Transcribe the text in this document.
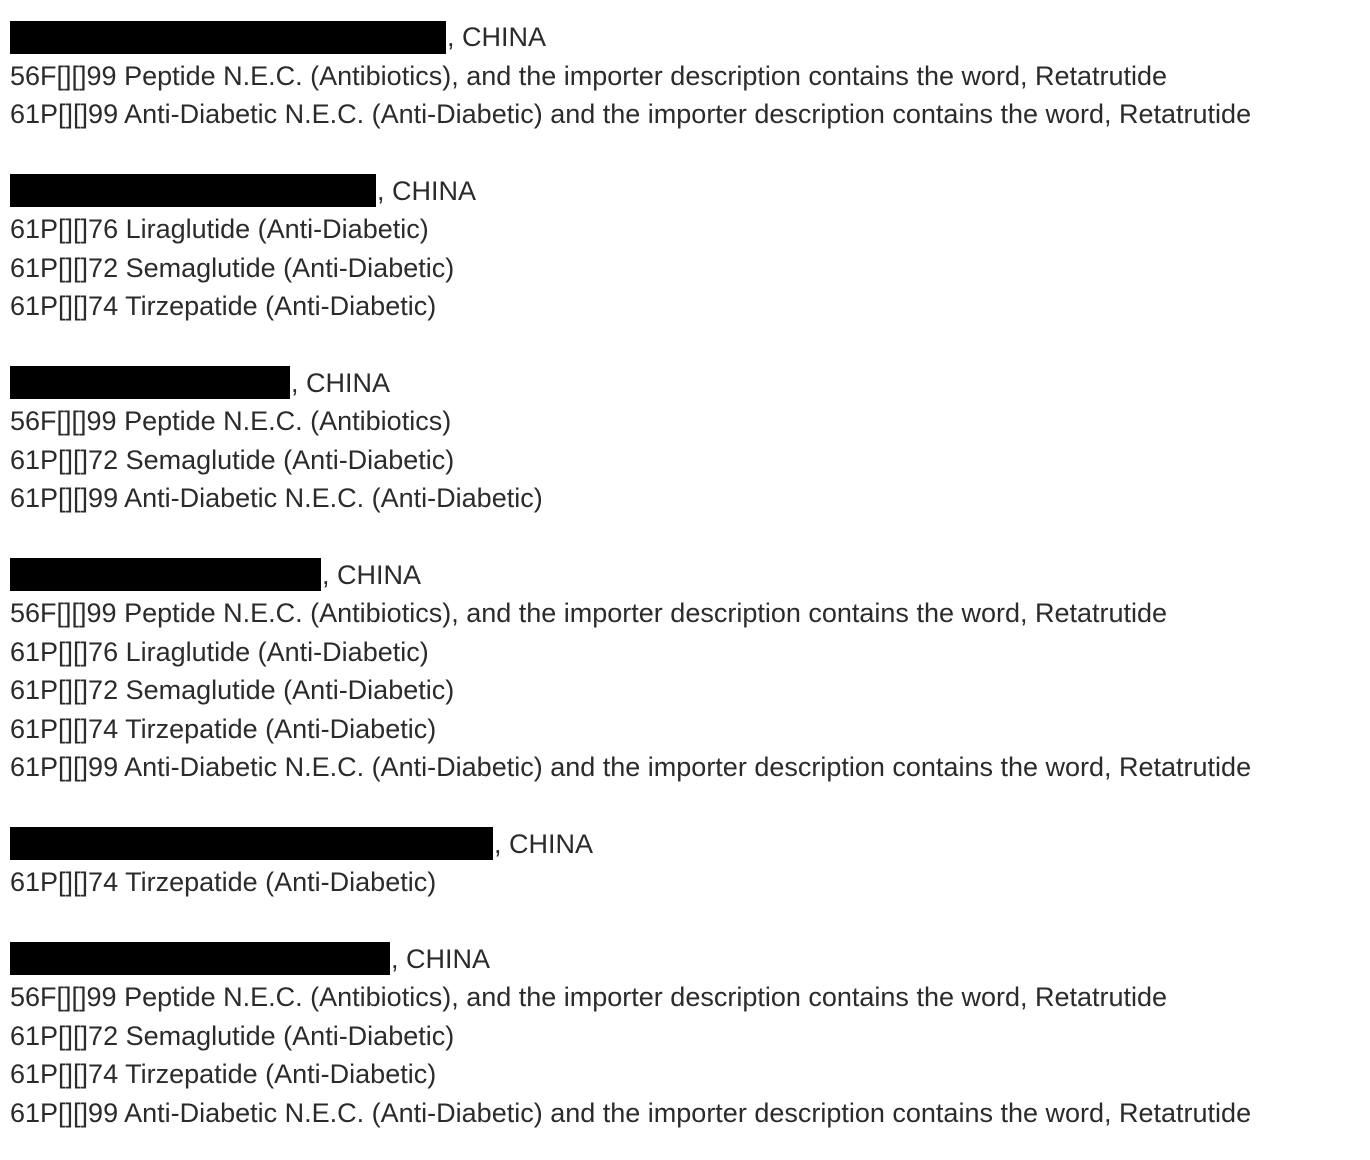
, CHINA
56F[][]99 Peptide N.E.C. (Antibiotics), and the importer description contains the word, Retatrutide
61P[][]99 Anti-Diabetic N.E.C. (Anti-Diabetic) and the importer description contains the word, Retatrutide
, CHINA
61P[][]76 Liraglutide (Anti-Diabetic)
61P[][]72 Semaglutide (Anti-Diabetic)
61P[][]74 Tirzepatide (Anti-Diabetic)
, CHINA
56F[][]99 Peptide N.E.C. (Antibiotics)
61P[][]72 Semaglutide (Anti-Diabetic)
61P[][]99 Anti-Diabetic N.E.C. (Anti-Diabetic)
, CHINA
56F[][]99 Peptide N.E.C. (Antibiotics), and the importer description contains the word, Retatrutide
61P[][]76 Liraglutide (Anti-Diabetic)
61P[][]72 Semaglutide (Anti-Diabetic)
61P[][]74 Tirzepatide (Anti-Diabetic)
61P[][]99 Anti-Diabetic N.E.C. (Anti-Diabetic) and the importer description contains the word, Retatrutide
, CHINA
61P[][]74 Tirzepatide (Anti-Diabetic)
, CHINA
56F[][]99 Peptide N.E.C. (Antibiotics), and the importer description contains the word, Retatrutide
61P[][]72 Semaglutide (Anti-Diabetic)
61P[][]74 Tirzepatide (Anti-Diabetic)
61P[][]99 Anti-Diabetic N.E.C. (Anti-Diabetic) and the importer description contains the word, Retatrutide
